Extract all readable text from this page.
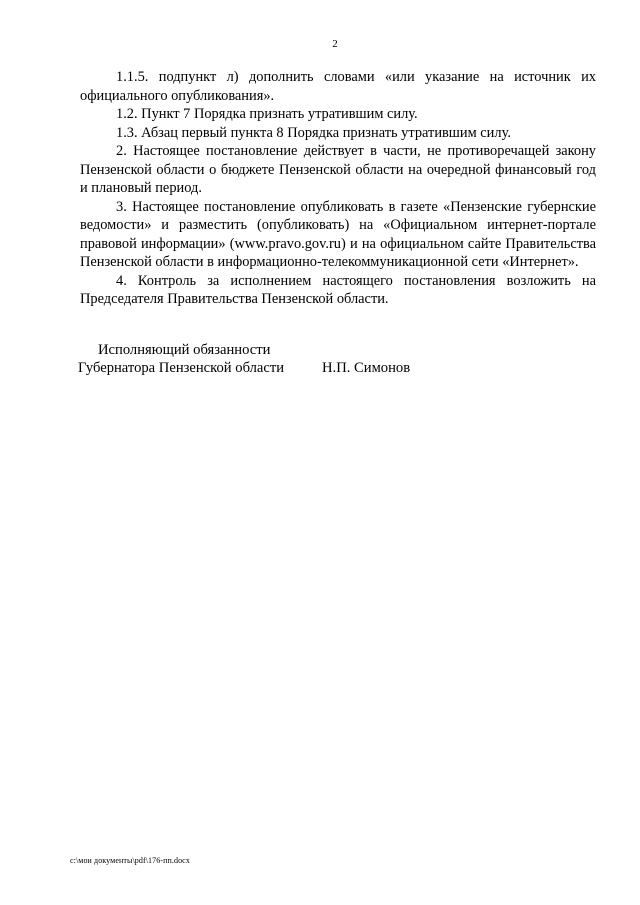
2

1.1.5. подпункт л) дополнить словами «или указание на источник их официального опубликования».

1.2. Пункт 7 Порядка признать утратившим силу.

1.3. Абзац первый пункта 8 Порядка признать утратившим силу.

2. Настоящее постановление действует в части, не противоречащей закону Пензенской области о бюджете Пензенской области на очередной финансовый год и плановый период.

3. Настоящее постановление опубликовать в газете «Пензенские губернские ведомости» и разместить (опубликовать) на «Официальном интернет-портале правовой информации» (www.pravo.gov.ru) и на официальном сайте Правительства Пензенской области в информационно-телекоммуникационной сети «Интернет».

4. Контроль за исполнением настоящего постановления возложить на Председателя Правительства Пензенской области.

Исполняющий обязанности
Губернатора Пензенской области	Н.П. Симонов
c:\мои документы\pdf\176-пп.docx
